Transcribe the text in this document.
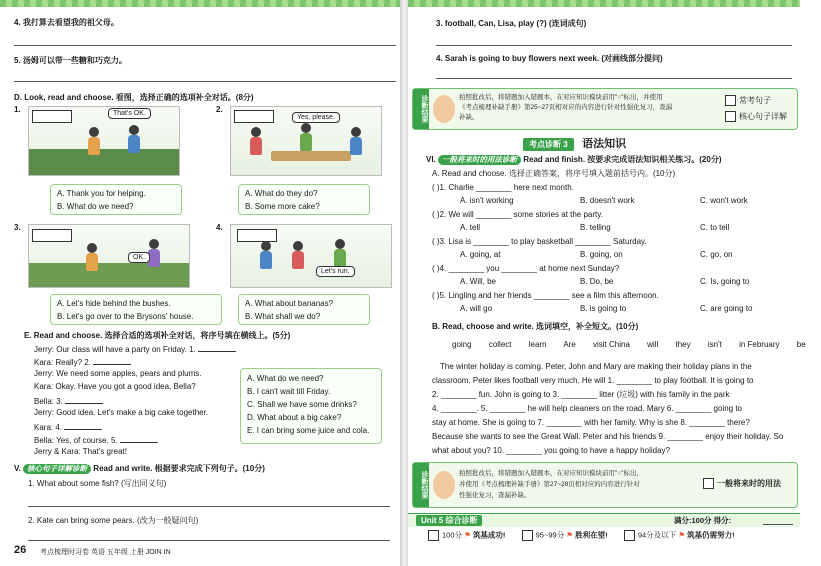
4. 我打算去看望我的祖父母。
5. 汤姆可以带一些糖和巧克力。
D. Look, read and choose. 看图，选择正确的选项补全对话。(8分)
1.	That's OK.	2.
Yes, please.
A. Thank you for helping.
B. What do we need?
A. What do they do?
B. Some more cake?
3.
OK.
4.
Let's run.
A. Let's hide behind the bushes.
B. Let's go over to the Brysons' house.
A. What about bananas?
B. What shall we do?
E. Read and choose. 选择合适的选项补全对话，将序号填在横线上。(5分)
Jerry: Our class will have a party on Friday. 1.
Kara: Really? 2.
Jerry: We need some apples, pears and plums.
Kara: Okay. Have you got a good idea, Bella?
Bella: 3.
Jerry: Good idea. Let's make a big cake together.
Kara: 4.
Bella: Yes, of course. 5.
Jerry & Kara: That's great!
A. What do we need?
B. I can't wait till Friday.
C. Shall we have some drinks?
D. What about a big cake?
E. I can bring some juice and cola.
V. 核心句子详解诊断 Read and write. 根据要求完成下列句子。(10分)
1. What about some fish? (写出同义句)
2. Kate can bring some pears. (改为一般疑问句)
26 考点梳理时习卷 英语 五年级 上册 JOIN IN
3. football, Can, Lisa, play (?) (连词成句)
4. Sarah is going to buy flowers next week. (对画线部分提问)
诊断结果	拍照批改后，将错题加入错题本，在对应知识模块前用"○"标出，并使用
《考点梳理补缺手册》第25~27页相对应的内容进行针对性强化复习，查漏
补缺。
常考句子
核心句子详解
考点诊断 3 语法知识
VI. 一般将来时的用法诊断 Read and finish. 按要求完成语法知识相关练习。(20分)
A. Read and choose. 选择正确答案，将序号填入题前括号内。(10分)
( )1. Charlie ________ here next month.
A. isn't working	B. doesn't work	C. won't work
( )2. We will ________ some stories at the party.
A. tell	B. telling	C. to tell
( )3. Lisa is ________ to play basketball ________ Saturday.
A. going, at	B. going, on	C. go, on
( )4. ________ you ________ at home next Sunday?
A. Will, be	B. Do, be	C. Is, going to
( )5. Lingling and her friends ________ see a film this afternoon.
A. will go	B. is going to	C. are going to
B. Read, choose and write. 选词填空，补全短文。(10分)
going collect learn Are visit China will they isn't in February be
The winter holiday is coming. Peter, John and Mary are making their holiday plans in the
classroom. Peter likes football very much. He will 1. ________ to play football. It is going to
2. ________ fun. John is going to 3. ________ litter (垃圾) with his family in the park
4. ________. 5. ________ he will help cleaners on the road. Mary 6. ________ going to
stay at home. She is going to 7. ________ with her family. Why is she 8. ________ there?
Because she wants to see the Great Wall. Peter and his friends 9. ________ enjoy their holiday. So
what about you? 10. ________ you going to have a happy holiday?
诊断结果	拍照批改后，将错题加入错题本，在对应知识模块前用"○"标出，
并使用《考点梳理补缺手册》第27~28页相对应的内容进行针对
性强化复习，查漏补缺。
一般将来时的用法
Unit 5 综合诊断	满分:100分 得分:
100分 ⚑ 筑基成功!	95~99分 ⚑ 胜利在望!	94分及以下 ⚑ 筑基仍需努力!
